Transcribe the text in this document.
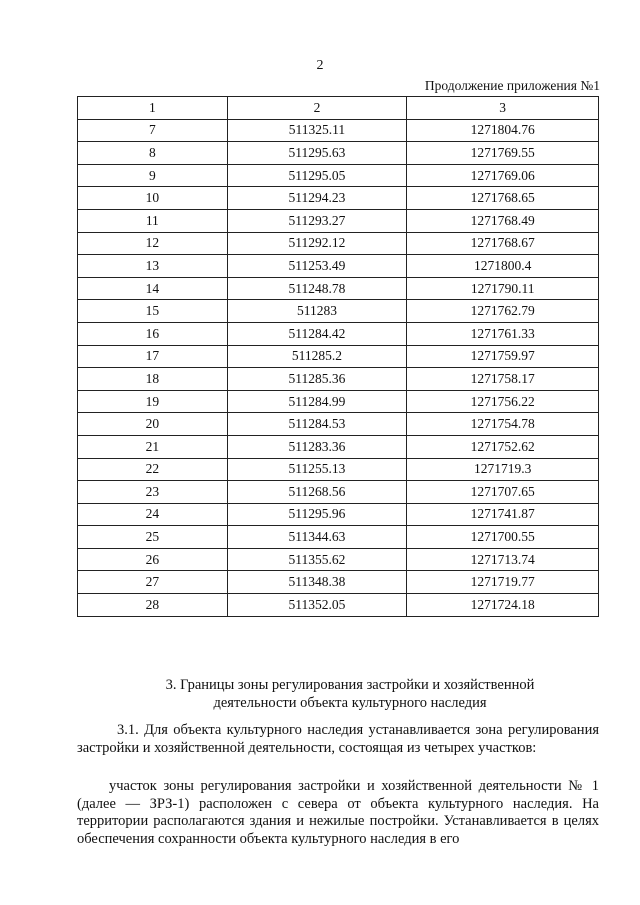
2
Продолжение приложения №1
1	2	3
7	511325.11	1271804.76
8	511295.63	1271769.55
9	511295.05	1271769.06
10	511294.23	1271768.65
11	511293.27	1271768.49
12	511292.12	1271768.67
13	511253.49	1271800.4
14	511248.78	1271790.11
15	511283	1271762.79
16	511284.42	1271761.33
17	511285.2	1271759.97
18	511285.36	1271758.17
19	511284.99	1271756.22
20	511284.53	1271754.78
21	511283.36	1271752.62
22	511255.13	1271719.3
23	511268.56	1271707.65
24	511295.96	1271741.87
25	511344.63	1271700.55
26	511355.62	1271713.74
27	511348.38	1271719.77
28	511352.05	1271724.18
3. Границы зоны регулирования застройки и хозяйственной
деятельности объекта культурного наследия
3.1. Для объекта культурного наследия устанавливается зона регулирования застройки и хозяйственной деятельности, состоящая из четырех участков:
участок зоны регулирования застройки и хозяйственной деятельности № 1 (далее — ЗРЗ-1) расположен с севера от объекта культурного наследия. На территории располагаются здания и нежилые постройки. Устанавливается в целях обеспечения сохранности объекта культурного наследия в его
